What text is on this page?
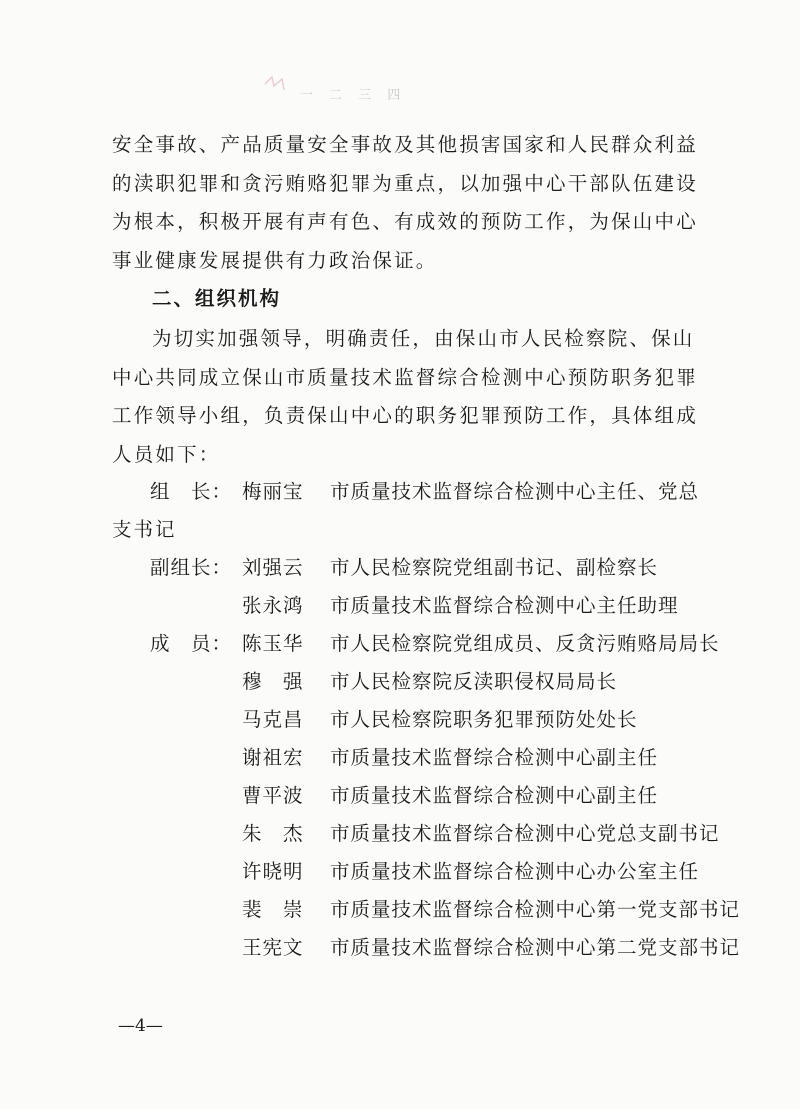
一 二 三 四

安全事故、产品质量安全事故及其他损害国家和人民群众利益的渎职犯罪和贪污贿赂犯罪为重点，以加强中心干部队伍建设为根本，积极开展有声有色、有成效的预防工作，为保山中心事业健康发展提供有力政治保证。

二、组织机构

为切实加强领导，明确责任，由保山市人民检察院、保山中心共同成立保山市质量技术监督综合检测中心预防职务犯罪工作领导小组，负责保山中心的职务犯罪预防工作，具体组成人员如下：

组　长： 梅丽宝	市质量技术监督综合检测中心主任、党总
支书记
副组长： 刘强云	市人民检察院党组副书记、副检察长
张永鸿	市质量技术监督综合检测中心主任助理
成　员： 陈玉华	市人民检察院党组成员、反贪污贿赂局局长
穆　强	市人民检察院反渎职侵权局局长
马克昌	市人民检察院职务犯罪预防处处长
谢祖宏	市质量技术监督综合检测中心副主任
曹平波	市质量技术监督综合检测中心副主任
朱　杰	市质量技术监督综合检测中心党总支副书记
许晓明	市质量技术监督综合检测中心办公室主任
裴　崇	市质量技术监督综合检测中心第一党支部书记
王宪文	市质量技术监督综合检测中心第二党支部书记
—4—
